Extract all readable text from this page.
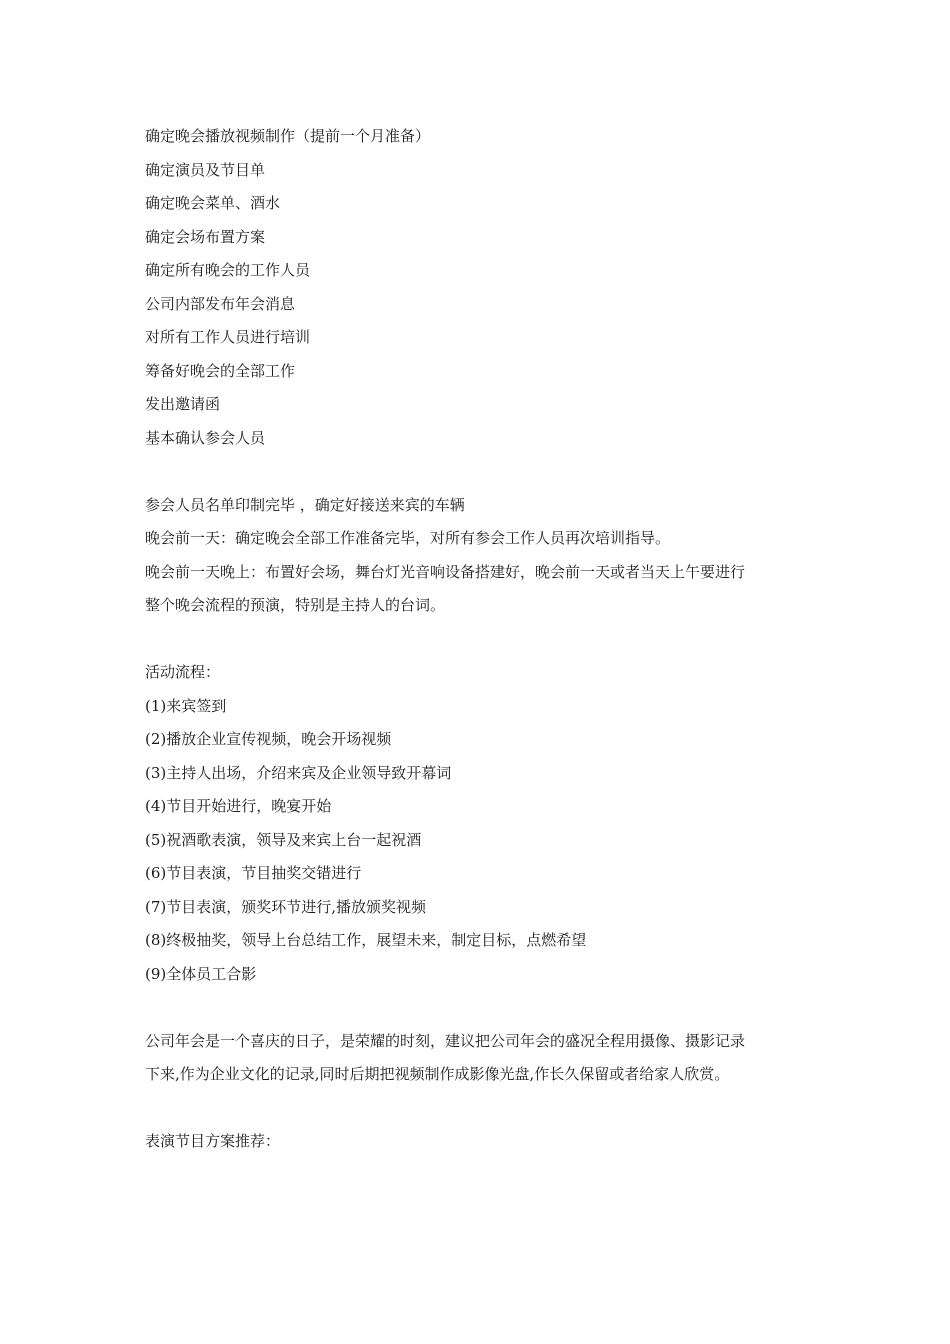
确定晚会播放视频制作（提前一个月准备）

确定演员及节目单

确定晚会菜单、酒水

确定会场布置方案

确定所有晚会的工作人员

公司内部发布年会消息

对所有工作人员进行培训

筹备好晚会的全部工作

发出邀请函

基本确认参会人员

参会人员名单印制完毕 ，确定好接送来宾的车辆

晚会前一天：确定晚会全部工作准备完毕，对所有参会工作人员再次培训指导。

晚会前一天晚上：布置好会场，舞台灯光音响设备搭建好，晚会前一天或者当天上午要进行

整个晚会流程的预演，特别是主持人的台词。

活动流程：

(1)来宾签到

(2)播放企业宣传视频，晚会开场视频

(3)主持人出场，介绍来宾及企业领导致开幕词

(4)节目开始进行，晚宴开始

(5)祝酒歌表演，领导及来宾上台一起祝酒

(6)节目表演，节目抽奖交错进行

(7)节目表演，颁奖环节进行,播放颁奖视频

(8)终极抽奖，领导上台总结工作，展望未来，制定目标，点燃希望

(9)全体员工合影

公司年会是一个喜庆的日子，是荣耀的时刻，建议把公司年会的盛况全程用摄像、摄影记录

下来,作为企业文化的记录,同时后期把视频制作成影像光盘,作长久保留或者给家人欣赏。

表演节目方案推荐：
